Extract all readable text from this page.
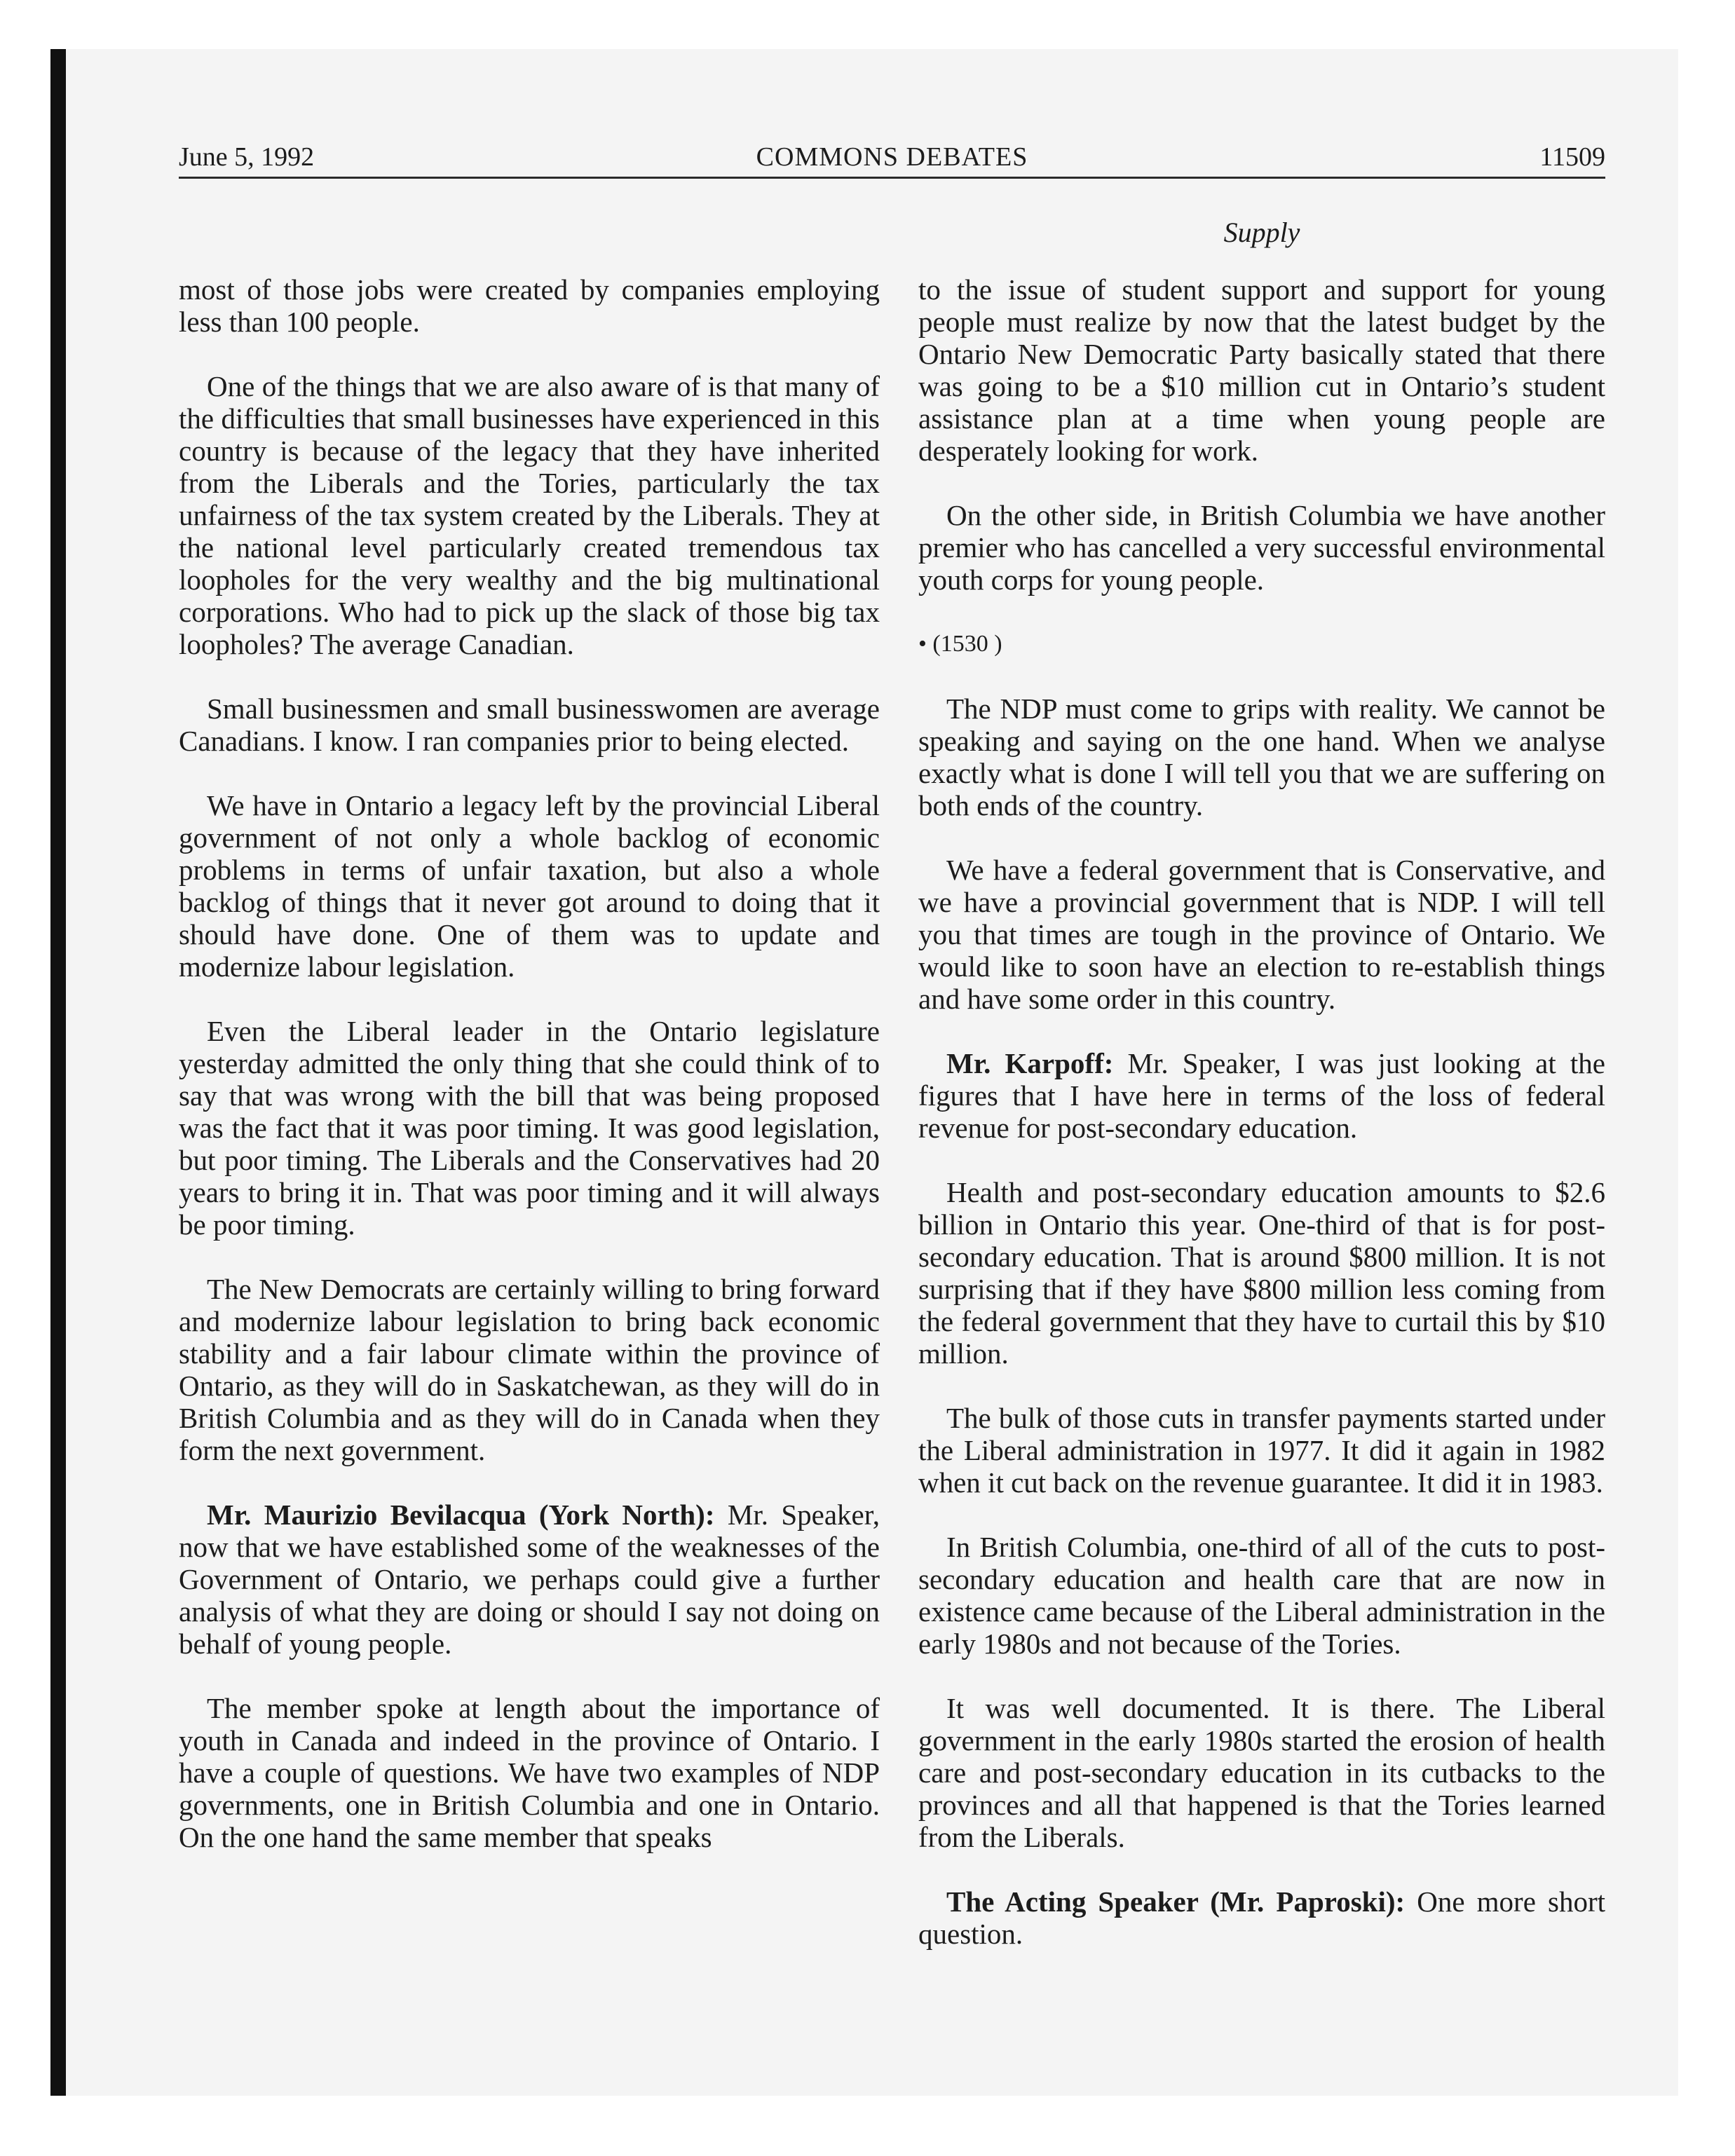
June 5, 1992	COMMONS DEBATES	11509
Supply

most of those jobs were created by companies employing less than 100 people.

One of the things that we are also aware of is that many of the difficulties that small businesses have experienced in this country is because of the legacy that they have inherited from the Liberals and the Tories, particularly the tax unfairness of the tax system created by the Liberals. They at the national level particularly created tremendous tax loopholes for the very wealthy and the big multinational corporations. Who had to pick up the slack of those big tax loopholes? The average Canadian.

Small businessmen and small businesswomen are average Canadians. I know. I ran companies prior to being elected.

We have in Ontario a legacy left by the provincial Liberal government of not only a whole backlog of economic problems in terms of unfair taxation, but also a whole backlog of things that it never got around to doing that it should have done. One of them was to update and modernize labour legislation.

Even the Liberal leader in the Ontario legislature yesterday admitted the only thing that she could think of to say that was wrong with the bill that was being proposed was the fact that it was poor timing. It was good legislation, but poor timing. The Liberals and the Conservatives had 20 years to bring it in. That was poor timing and it will always be poor timing.

The New Democrats are certainly willing to bring forward and modernize labour legislation to bring back economic stability and a fair labour climate within the province of Ontario, as they will do in Saskatchewan, as they will do in British Columbia and as they will do in Canada when they form the next government.

Mr. Maurizio Bevilacqua (York North): Mr. Speaker, now that we have established some of the weaknesses of the Government of Ontario, we perhaps could give a further analysis of what they are doing or should I say not doing on behalf of young people.

The member spoke at length about the importance of youth in Canada and indeed in the province of Ontario. I have a couple of questions. We have two examples of NDP governments, one in British Columbia and one in Ontario. On the one hand the same member that speaks

to the issue of student support and support for young people must realize by now that the latest budget by the Ontario New Democratic Party basically stated that there was going to be a $10 million cut in Ontario’s student assistance plan at a time when young people are desperately looking for work.

On the other side, in British Columbia we have another premier who has cancelled a very successful environmental youth corps for young people.

• (1530 )

The NDP must come to grips with reality. We cannot be speaking and saying on the one hand. When we analyse exactly what is done I will tell you that we are suffering on both ends of the country.

We have a federal government that is Conservative, and we have a provincial government that is NDP. I will tell you that times are tough in the province of Ontario. We would like to soon have an election to re-establish things and have some order in this country.

Mr. Karpoff: Mr. Speaker, I was just looking at the figures that I have here in terms of the loss of federal revenue for post-secondary education.

Health and post-secondary education amounts to $2.6 billion in Ontario this year. One-third of that is for post-secondary education. That is around $800 million. It is not surprising that if they have $800 million less coming from the federal government that they have to curtail this by $10 million.

The bulk of those cuts in transfer payments started under the Liberal administration in 1977. It did it again in 1982 when it cut back on the revenue guarantee. It did it in 1983.

In British Columbia, one-third of all of the cuts to post-secondary education and health care that are now in existence came because of the Liberal administration in the early 1980s and not because of the Tories.

It was well documented. It is there. The Liberal government in the early 1980s started the erosion of health care and post-secondary education in its cutbacks to the provinces and all that happened is that the Tories learned from the Liberals.

The Acting Speaker (Mr. Paproski): One more short question.
